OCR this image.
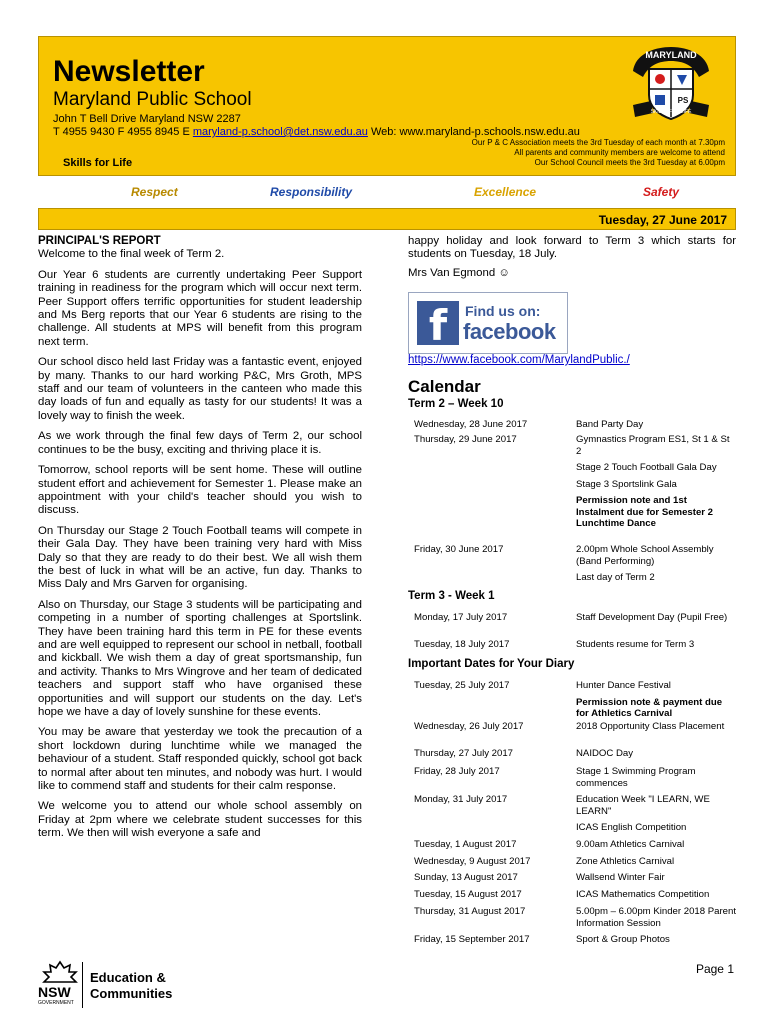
Newsletter
Maryland Public School
John T Bell Drive Maryland NSW 2287
T 4955 9430 F 4955 8945 E maryland-p.school@det.nsw.edu.au Web: www.maryland-p.schools.nsw.edu.au
Our P & C Association meets the 3rd Tuesday of each month at 7.30pm
All parents and community members are welcome to attend
Our School Council meets the 3rd Tuesday at 6.00pm
Skills for Life
MARYLAND
PS
SKILLS FOR LIFE
Respect	Responsibility	Excellence	Safety
Tuesday, 27 June 2017
PRINCIPAL'S REPORT

Welcome to the final week of Term 2.

Our Year 6 students are currently undertaking Peer Support training in readiness for the program which will occur next term. Peer Support offers terrific opportunities for student leadership and Ms Berg reports that our Year 6 students are rising to the challenge. All students at MPS will benefit from this program next term.

Our school disco held last Friday was a fantastic event, enjoyed by many. Thanks to our hard working P&C, Mrs Groth, MPS staff and our team of volunteers in the canteen who made this day loads of fun and equally as tasty for our students! It was a lovely way to finish the week.

As we work through the final few days of Term 2, our school continues to be the busy, exciting and thriving place it is.

Tomorrow, school reports will be sent home. These will outline student effort and achievement for Semester 1. Please make an appointment with your child's teacher should you wish to discuss.

On Thursday our Stage 2 Touch Football teams will compete in their Gala Day. They have been training very hard with Miss Daly so that they are ready to do their best. We all wish them the best of luck in what will be an active, fun day. Thanks to Miss Daly and Mrs Garven for organising.

Also on Thursday, our Stage 3 students will be participating and competing in a number of sporting challenges at Sportslink. They have been training hard this term in PE for these events and are well equipped to represent our school in netball, football and kickball. We wish them a day of great sportsmanship, fun and activity. Thanks to Mrs Wingrove and her team of dedicated teachers and support staff who have organised these opportunities and will support our students on the day. Let's hope we have a day of lovely sunshine for these events.

You may be aware that yesterday we took the precaution of a short lockdown during lunchtime while we managed the behaviour of a student. Staff responded quickly, school got back to normal after about ten minutes, and nobody was hurt. I would like to commend staff and students for their calm response.

We welcome you to attend our whole school assembly on Friday at 2pm where we celebrate student successes for this term. We then will wish everyone a safe and

happy holiday and look forward to Term 3 which starts for students on Tuesday, 18 July.

Mrs Van Egmond ☺

f	Find us on:
facebook
https://www.facebook.com/MarylandPublic./
Calendar
Term 2 – Week 10
Wednesday, 28 June 2017	Band Party Day
Thursday, 29 June 2017	Gymnastics Program ES1, St 1 & St 2
Stage 2 Touch Football Gala Day
Stage 3 Sportslink Gala
Permission note and 1st Instalment due for Semester 2 Lunchtime Dance
Friday, 30 June 2017	2.00pm Whole School Assembly (Band Performing)
Last day of Term 2
Term 3 - Week 1
Monday, 17 July 2017	Staff Development Day (Pupil Free)
Tuesday, 18 July 2017	Students resume for Term 3
Important Dates for Your Diary
Tuesday, 25 July 2017	Hunter Dance Festival
Permission note & payment due for Athletics Carnival
Wednesday, 26 July 2017	2018 Opportunity Class Placement
Thursday, 27 July 2017	NAIDOC Day
Friday, 28 July 2017	Stage 1 Swimming Program commences
Monday, 31 July 2017	Education Week "I LEARN, WE LEARN"
ICAS English Competition
Tuesday, 1 August 2017	9.00am Athletics Carnival
Wednesday, 9 August 2017	Zone Athletics Carnival
Sunday, 13 August 2017	Wallsend Winter Fair
Tuesday, 15 August 2017	ICAS Mathematics Competition
Thursday, 31 August 2017	5.00pm – 6.00pm Kinder 2018 Parent Information Session
Friday, 15 September 2017	Sport & Group Photos
NSW
GOVERNMENT
Education &
Communities
Page 1
